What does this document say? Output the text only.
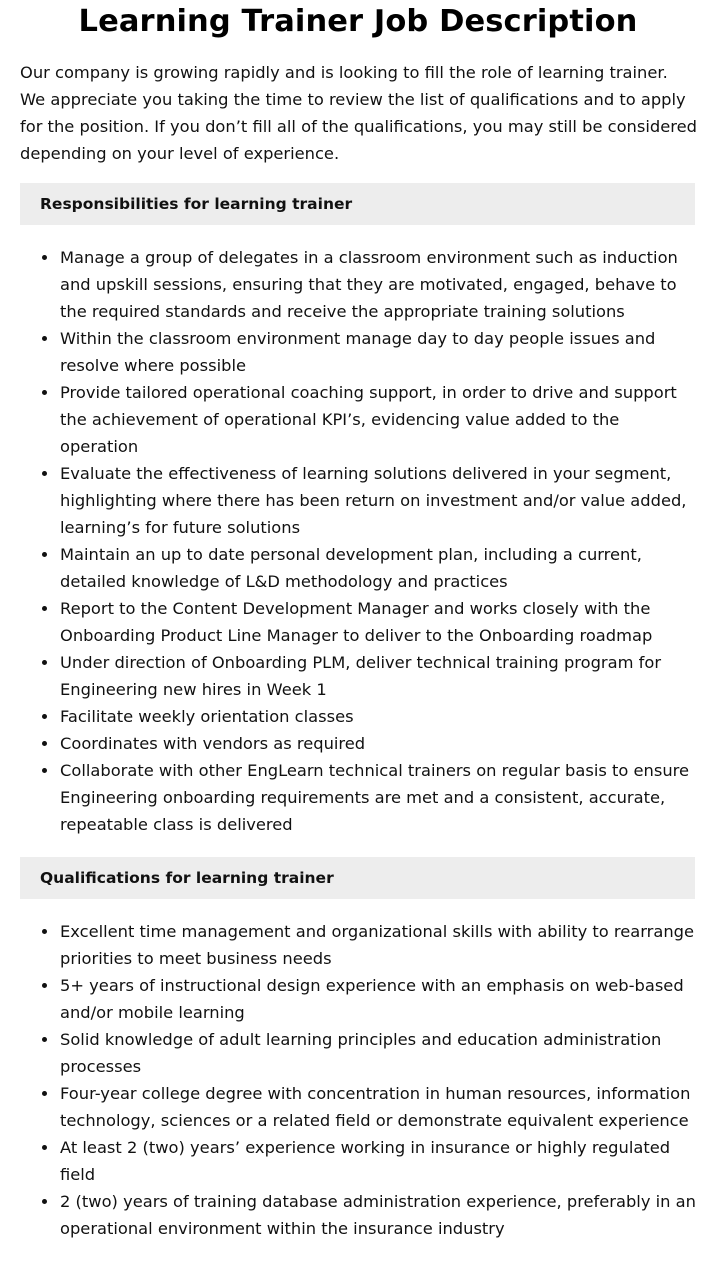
Learning Trainer Job Description

Our company is growing rapidly and is looking to fill the role of learning trainer.
We appreciate you taking the time to review the list of qualifications and to apply
for the position. If you don’t fill all of the qualifications, you may still be considered
depending on your level of experience.

Responsibilities for learning trainer
Manage a group of delegates in a classroom environment such as induction
and upskill sessions, ensuring that they are motivated, engaged, behave to
the required standards and receive the appropriate training solutions
Within the classroom environment manage day to day people issues and
resolve where possible
Provide tailored operational coaching support, in order to drive and support
the achievement of operational KPI’s, evidencing value added to the
operation
Evaluate the effectiveness of learning solutions delivered in your segment,
highlighting where there has been return on investment and/or value added,
learning’s for future solutions
Maintain an up to date personal development plan, including a current,
detailed knowledge of L&D methodology and practices
Report to the Content Development Manager and works closely with the
Onboarding Product Line Manager to deliver to the Onboarding roadmap
Under direction of Onboarding PLM, deliver technical training program for
Engineering new hires in Week 1
Facilitate weekly orientation classes
Coordinates with vendors as required
Collaborate with other EngLearn technical trainers on regular basis to ensure
Engineering onboarding requirements are met and a consistent, accurate,
repeatable class is delivered
Qualifications for learning trainer
Excellent time management and organizational skills with ability to rearrange
priorities to meet business needs
5+ years of instructional design experience with an emphasis on web-based
and/or mobile learning
Solid knowledge of adult learning principles and education administration
processes
Four-year college degree with concentration in human resources, information
technology, sciences or a related field or demonstrate equivalent experience
At least 2 (two) years’ experience working in insurance or highly regulated
field
2 (two) years of training database administration experience, preferably in an
operational environment within the insurance industry
